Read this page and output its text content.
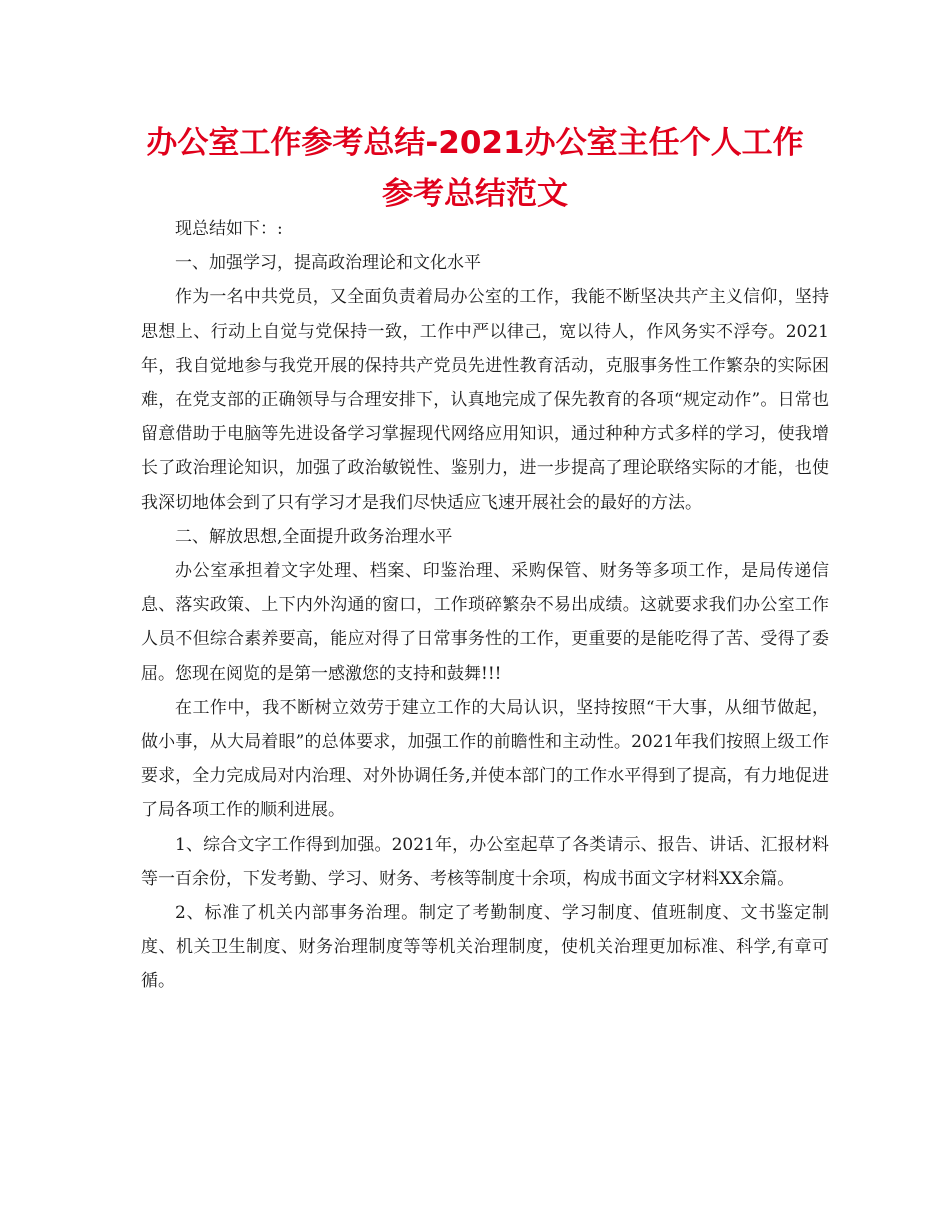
办公室工作参考总结-2021办公室主任个人工作
参考总结范文

现总结如下：:

一、加强学习，提高政治理论和文化水平

作为一名中共党员，又全面负责着局办公室的工作，我能不断坚决共产主义信仰，坚持思想上、行动上自觉与党保持一致，工作中严以律己，宽以待人，作风务实不浮夸。2021年，我自觉地参与我党开展的保持共产党员先进性教育活动，克服事务性工作繁杂的实际困难，在党支部的正确领导与合理安排下，认真地完成了保先教育的各项“规定动作”。日常也留意借助于电脑等先进设备学习掌握现代网络应用知识，通过种种方式多样的学习，使我增长了政治理论知识，加强了政治敏锐性、鉴别力，进一步提高了理论联络实际的才能，也使我深切地体会到了只有学习才是我们尽快适应飞速开展社会的最好的方法。

二、解放思想,全面提升政务治理水平

办公室承担着文字处理、档案、印鉴治理、采购保管、财务等多项工作，是局传递信息、落实政策、上下内外沟通的窗口，工作琐碎繁杂不易出成绩。这就要求我们办公室工作人员不但综合素养要高，能应对得了日常事务性的工作，更重要的是能吃得了苦、受得了委屈。您现在阅览的是第一感激您的支持和鼓舞!!!

在工作中，我不断树立效劳于建立工作的大局认识，坚持按照“干大事，从细节做起，做小事，从大局着眼”的总体要求，加强工作的前瞻性和主动性。2021年我们按照上级工作要求，全力完成局对内治理、对外协调任务,并使本部门的工作水平得到了提高，有力地促进了局各项工作的顺利进展。

1、综合文字工作得到加强。2021年，办公室起草了各类请示、报告、讲话、汇报材料等一百余份，下发考勤、学习、财务、考核等制度十余项，构成书面文字材料XX余篇。

2、标准了机关内部事务治理。制定了考勤制度、学习制度、值班制度、文书鉴定制度、机关卫生制度、财务治理制度等等机关治理制度，使机关治理更加标准、科学,有章可循。
